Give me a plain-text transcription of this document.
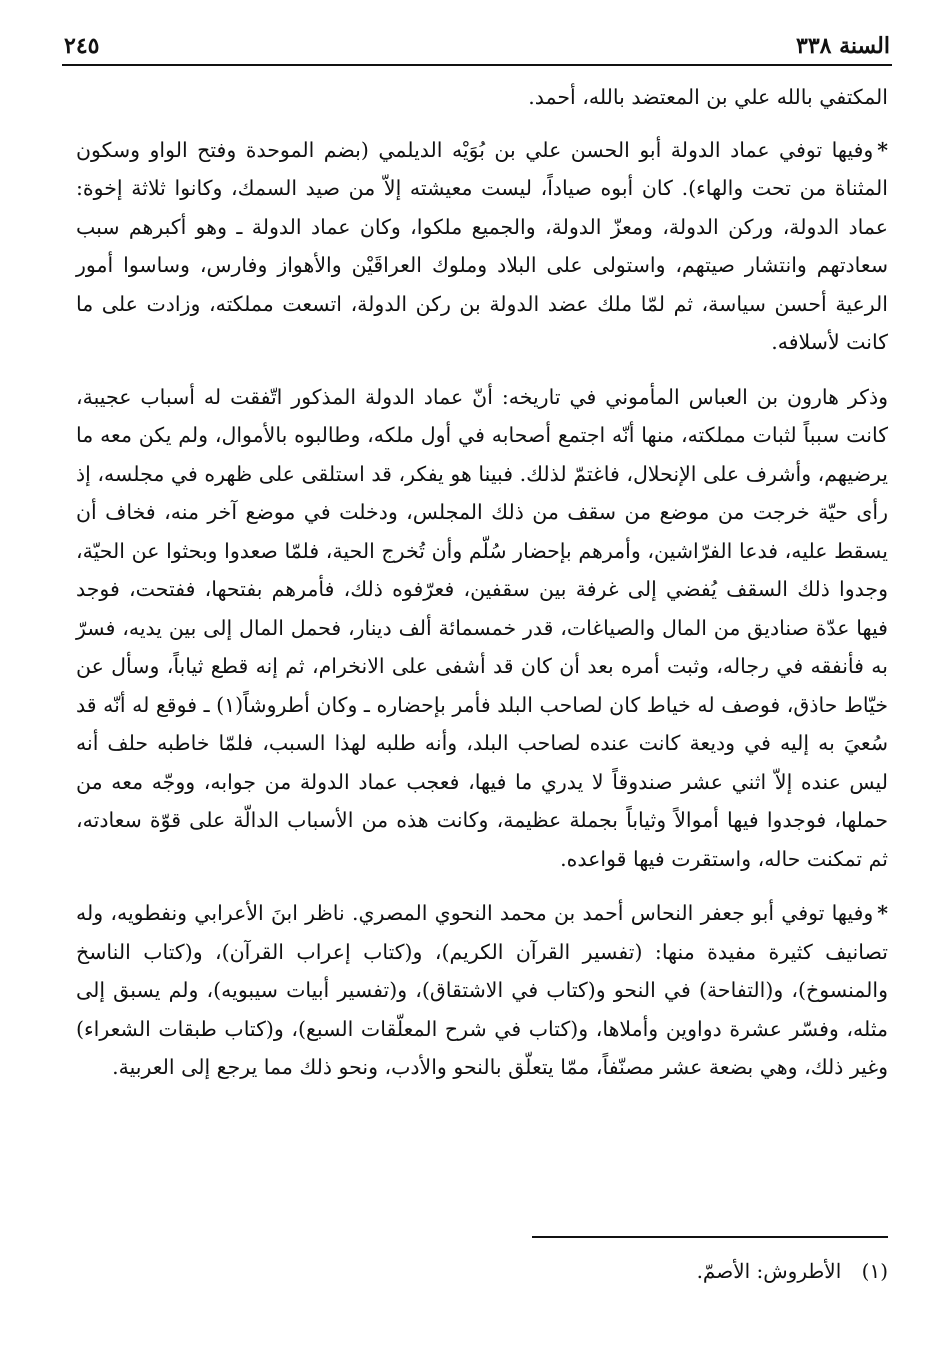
السنة ٣٣٨
٢٤٥

المكتفي بالله علي بن المعتضد بالله، أحمد.

*وفيها توفي عماد الدولة أبو الحسن علي بن بُوَيْه الديلمي (بضم الموحدة وفتح الواو وسكون المثناة من تحت والهاء). كان أبوه صياداً، ليست معيشته إلاّ من صيد السمك، وكانوا ثلاثة إخوة: عماد الدولة، وركن الدولة، ومعزّ الدولة، والجميع ملكوا، وكان عماد الدولة ـ وهو أكبرهم سبب سعادتهم وانتشار صيتهم، واستولى على البلاد وملوك العراقَيْن والأهواز وفارس، وساسوا أمور الرعية أحسن سياسة، ثم لمّا ملك عضد الدولة بن ركن الدولة، اتسعت مملكته، وزادت على ما كانت لأسلافه.

وذكر هارون بن العباس المأموني في تاريخه: أنّ عماد الدولة المذكور اتّفقت له أسباب عجيبة، كانت سبباً لثبات مملكته، منها أنّه اجتمع أصحابه في أول ملكه، وطالبوه بالأموال، ولم يكن معه ما يرضيهم، وأشرف على الإنحلال، فاغتمّ لذلك. فبينا هو يفكر، قد استلقى على ظهره في مجلسه، إذ رأى حيّة خرجت من موضع من سقف من ذلك المجلس، ودخلت في موضع آخر منه، فخاف أن يسقط عليه، فدعا الفرّاشين، وأمرهم بإحضار سُلّم وأن تُخرج الحية، فلمّا صعدوا وبحثوا عن الحيّة، وجدوا ذلك السقف يُفضي إلى غرفة بين سقفين، فعرّفوه ذلك، فأمرهم بفتحها، ففتحت، فوجد فيها عدّة صناديق من المال والصياغات، قدر خمسمائة ألف دينار، فحمل المال إلى بين يديه، فسرّ به فأنفقه في رجاله، وثبت أمره بعد أن كان قد أشفى على الانخرام، ثم إنه قطع ثياباً، وسأل عن خيّاط حاذق، فوصف له خياط كان لصاحب البلد فأمر بإحضاره ـ وكان أطروشاً(١) ـ فوقع له أنّه قد سُعيَ به إليه في وديعة كانت عنده لصاحب البلد، وأنه طلبه لهذا السبب، فلمّا خاطبه حلف أنه ليس عنده إلاّ اثني عشر صندوقاً لا يدري ما فيها، فعجب عماد الدولة من جوابه، ووجّه معه من حملها، فوجدوا فيها أموالاً وثياباً بجملة عظيمة، وكانت هذه من الأسباب الدالّة على قوّة سعادته، ثم تمكنت حاله، واستقرت فيها قواعده.

*وفيها توفي أبو جعفر النحاس أحمد بن محمد النحوي المصري. ناظر ابنَ الأعرابي ونفطويه، وله تصانيف كثيرة مفيدة منها: (تفسير القرآن الكريم)، و(كتاب إعراب القرآن)، و(كتاب الناسخ والمنسوخ)، و(التفاحة) في النحو و(كتاب في الاشتقاق)، و(تفسير أبيات سيبويه)، ولم يسبق إلى مثله، وفسّر عشرة دواوين وأملاها، و(كتاب في شرح المعلّقات السبع)، و(كتاب طبقات الشعراء) وغير ذلك، وهي بضعة عشر مصنّفاً، ممّا يتعلّق بالنحو والأدب، ونحو ذلك مما يرجع إلى العربية.

(١) الأطروش: الأصمّ.
